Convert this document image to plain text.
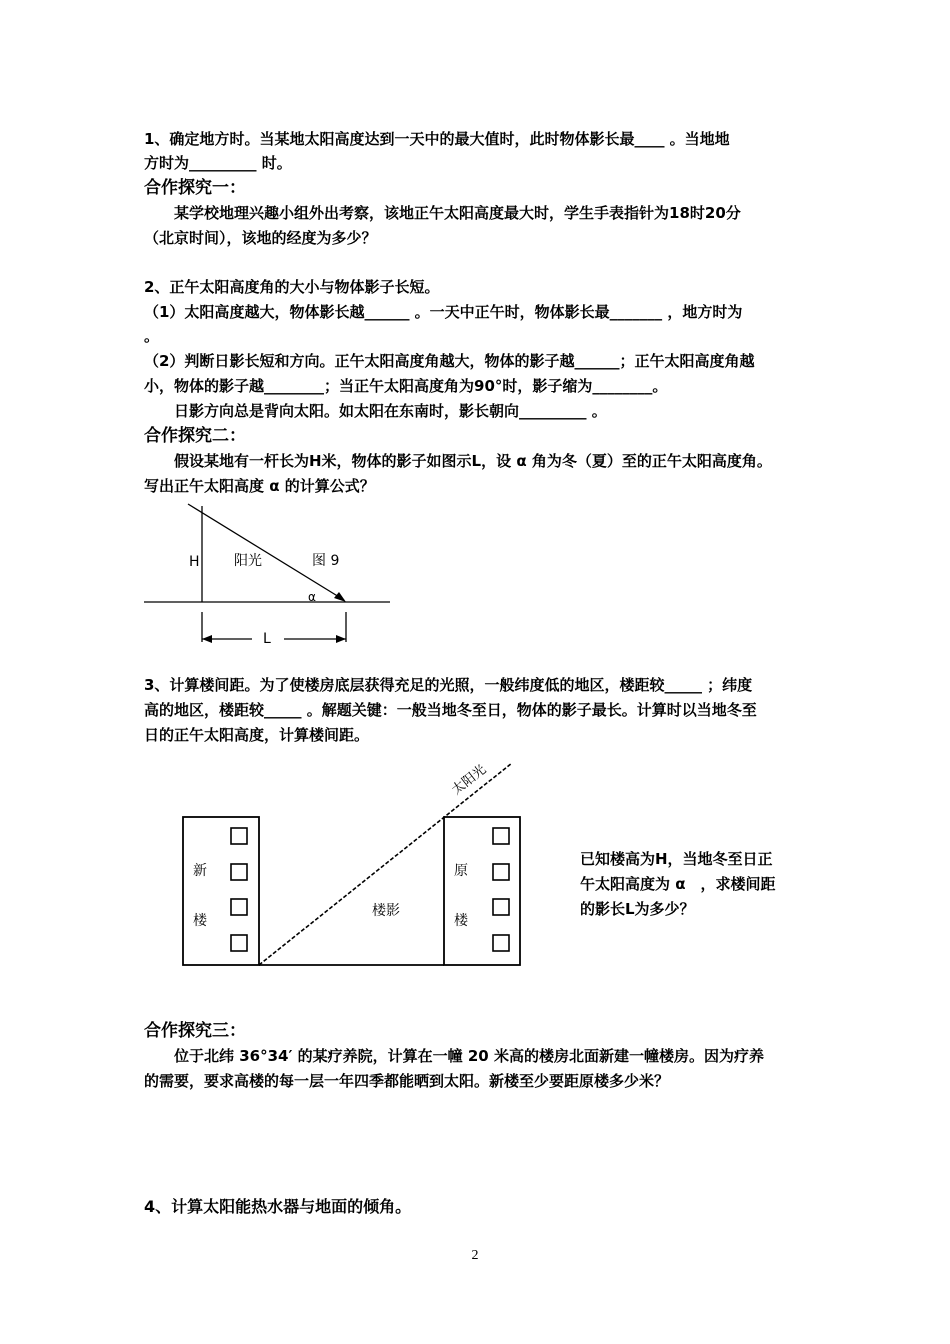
1、确定地方时。当某地太阳高度达到一天中的最大值时，此时物体影长最____ 。当地地
方时为_________ 时。
合作探究一：
　　某学校地理兴趣小组外出考察，该地正午太阳高度最大时，学生手表指针为18时20分
（北京时间），该地的经度为多少？
2、正午太阳高度角的大小与物体影子长短。
（1）太阳高度越大，物体影长越______ 。一天中正午时，物体影长最_______ ，地方时为
。
（2）判断日影长短和方向。正午太阳高度角越大，物体的影子越______；正午太阳高度角越
小，物体的影子越________；当正午太阳高度角为90°时，影子缩为________。
　　日影方向总是背向太阳。如太阳在东南时，影长朝向_________ 。
合作探究二：
　　假设某地有一杆长为H米，物体的影子如图示L，设 α 角为冬（夏）至的正午太阳高度角。
写出正午太阳高度 α 的计算公式？
H 阳光	图 9
α
L
3、计算楼间距。为了使楼房底层获得充足的光照，一般纬度低的地区，楼距较_____ ；纬度
高的地区，楼距较_____ 。解题关键：一般当地冬至日，物体的影子最长。计算时以当地冬至
日的正午太阳高度，计算楼间距。
新
楼
原
楼
楼影
太阳光
已知楼高为H，当地冬至日正
午太阳高度为 α　，求楼间距
的影长L为多少？
合作探究三：
　　位于北纬 36°34′ 的某疗养院，计算在一幢 20 米高的楼房北面新建一幢楼房。因为疗养
的需要，要求高楼的每一层一年四季都能晒到太阳。新楼至少要距原楼多少米？
4、计算太阳能热水器与地面的倾角。
2
